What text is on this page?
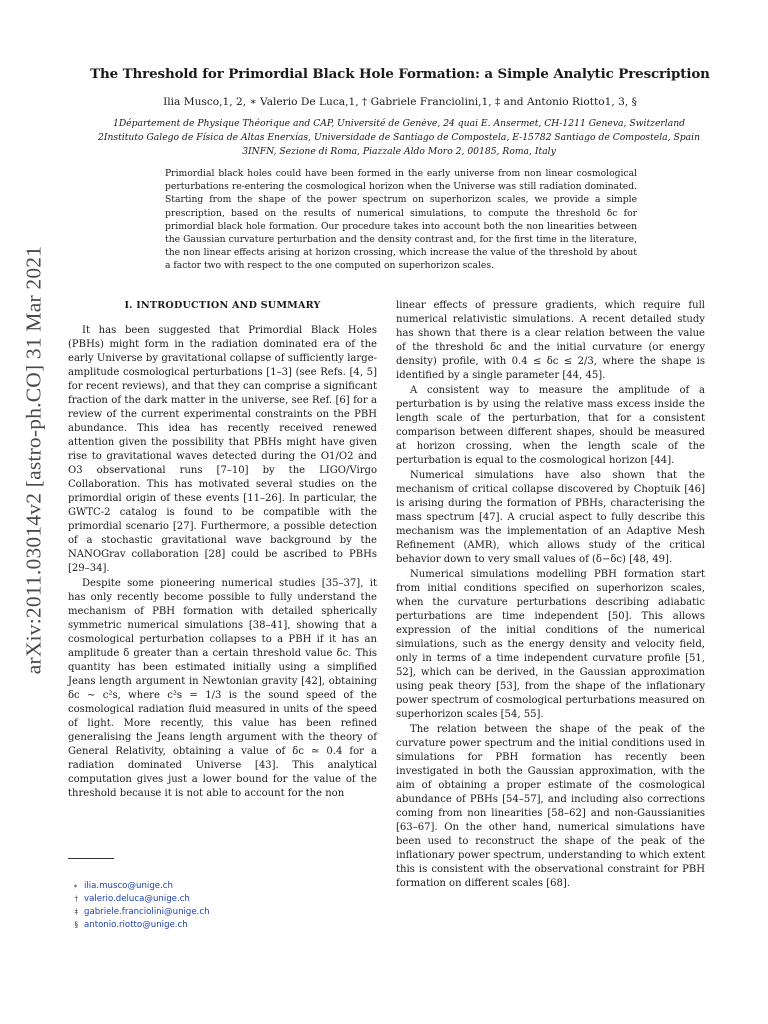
arXiv:2011.03014v2 [astro-ph.CO] 31 Mar 2021
The Threshold for Primordial Black Hole Formation: a Simple Analytic Prescription
Ilia Musco,1, 2, ∗ Valerio De Luca,1, † Gabriele Franciolini,1, ‡ and Antonio Riotto1, 3, §
1Département de Physique Théorique and CAP, Université de Genève, 24 quai E. Ansermet, CH-1211 Geneva, Switzerland
2Instituto Galego de Física de Altas Enerxías, Universidade de Santiago de Compostela, E-15782 Santiago de Compostela, Spain
3INFN, Sezione di Roma, Piazzale Aldo Moro 2, 00185, Roma, Italy
Primordial black holes could have been formed in the early universe from non linear cosmological perturbations re-entering the cosmological horizon when the Universe was still radiation dominated. Starting from the shape of the power spectrum on superhorizon scales, we provide a simple prescription, based on the results of numerical simulations, to compute the threshold δc for primordial black hole formation. Our procedure takes into account both the non linearities between the Gaussian curvature perturbation and the density contrast and, for the first time in the literature, the non linear effects arising at horizon crossing, which increase the value of the threshold by about a factor two with respect to the one computed on superhorizon scales.
I. INTRODUCTION AND SUMMARY

It has been suggested that Primordial Black Holes (PBHs) might form in the radiation dominated era of the early Universe by gravitational collapse of sufficiently large-amplitude cosmological perturbations [1–3] (see Refs. [4, 5] for recent reviews), and that they can comprise a significant fraction of the dark matter in the universe, see Ref. [6] for a review of the current experimental constraints on the PBH abundance. This idea has recently received renewed attention given the possibility that PBHs might have given rise to gravitational waves detected during the O1/O2 and O3 observational runs [7–10] by the LIGO/Virgo Collaboration. This has motivated several studies on the primordial origin of these events [11–26]. In particular, the GWTC-2 catalog is found to be compatible with the primordial scenario [27]. Furthermore, a possible detection of a stochastic gravitational wave background by the NANOGrav collaboration [28] could be ascribed to PBHs [29–34].

Despite some pioneering numerical studies [35–37], it has only recently become possible to fully understand the mechanism of PBH formation with detailed spherically symmetric numerical simulations [38–41], showing that a cosmological perturbation collapses to a PBH if it has an amplitude δ greater than a certain threshold value δc. This quantity has been estimated initially using a simplified Jeans length argument in Newtonian gravity [42], obtaining δc ∼ c²s, where c²s = 1/3 is the sound speed of the cosmological radiation fluid measured in units of the speed of light. More recently, this value has been refined generalising the Jeans length argument with the theory of General Relativity, obtaining a value of δc ≃ 0.4 for a radiation dominated Universe [43]. This analytical computation gives just a lower bound for the value of the threshold because it is not able to account for the non

linear effects of pressure gradients, which require full numerical relativistic simulations. A recent detailed study has shown that there is a clear relation between the value of the threshold δc and the initial curvature (or energy density) profile, with 0.4 ≤ δc ≤ 2/3, where the shape is identified by a single parameter [44, 45].

A consistent way to measure the amplitude of a perturbation is by using the relative mass excess inside the length scale of the perturbation, that for a consistent comparison between different shapes, should be measured at horizon crossing, when the length scale of the perturbation is equal to the cosmological horizon [44].

Numerical simulations have also shown that the mechanism of critical collapse discovered by Choptuik [46] is arising during the formation of PBHs, characterising the mass spectrum [47]. A crucial aspect to fully describe this mechanism was the implementation of an Adaptive Mesh Refinement (AMR), which allows study of the critical behavior down to very small values of (δ−δc) [48, 49].

Numerical simulations modelling PBH formation start from initial conditions specified on superhorizon scales, when the curvature perturbations describing adiabatic perturbations are time independent [50]. This allows expression of the initial conditions of the numerical simulations, such as the energy density and velocity field, only in terms of a time independent curvature profile [51, 52], which can be derived, in the Gaussian approximation using peak theory [53], from the shape of the inflationary power spectrum of cosmological perturbations measured on superhorizon scales [54, 55].

The relation between the shape of the peak of the curvature power spectrum and the initial conditions used in simulations for PBH formation has recently been investigated in both the Gaussian approximation, with the aim of obtaining a proper estimate of the cosmological abundance of PBHs [54–57], and including also corrections coming from non linearities [58–62] and non-Gaussianities [63–67]. On the other hand, numerical simulations have been used to reconstruct the shape of the peak of the inflationary power spectrum, understanding to which extent this is consistent with the observational constraint for PBH formation on different scales [68].

∗ ilia.musco@unige.ch
† valerio.deluca@unige.ch
‡ gabriele.franciolini@unige.ch
§ antonio.riotto@unige.ch
